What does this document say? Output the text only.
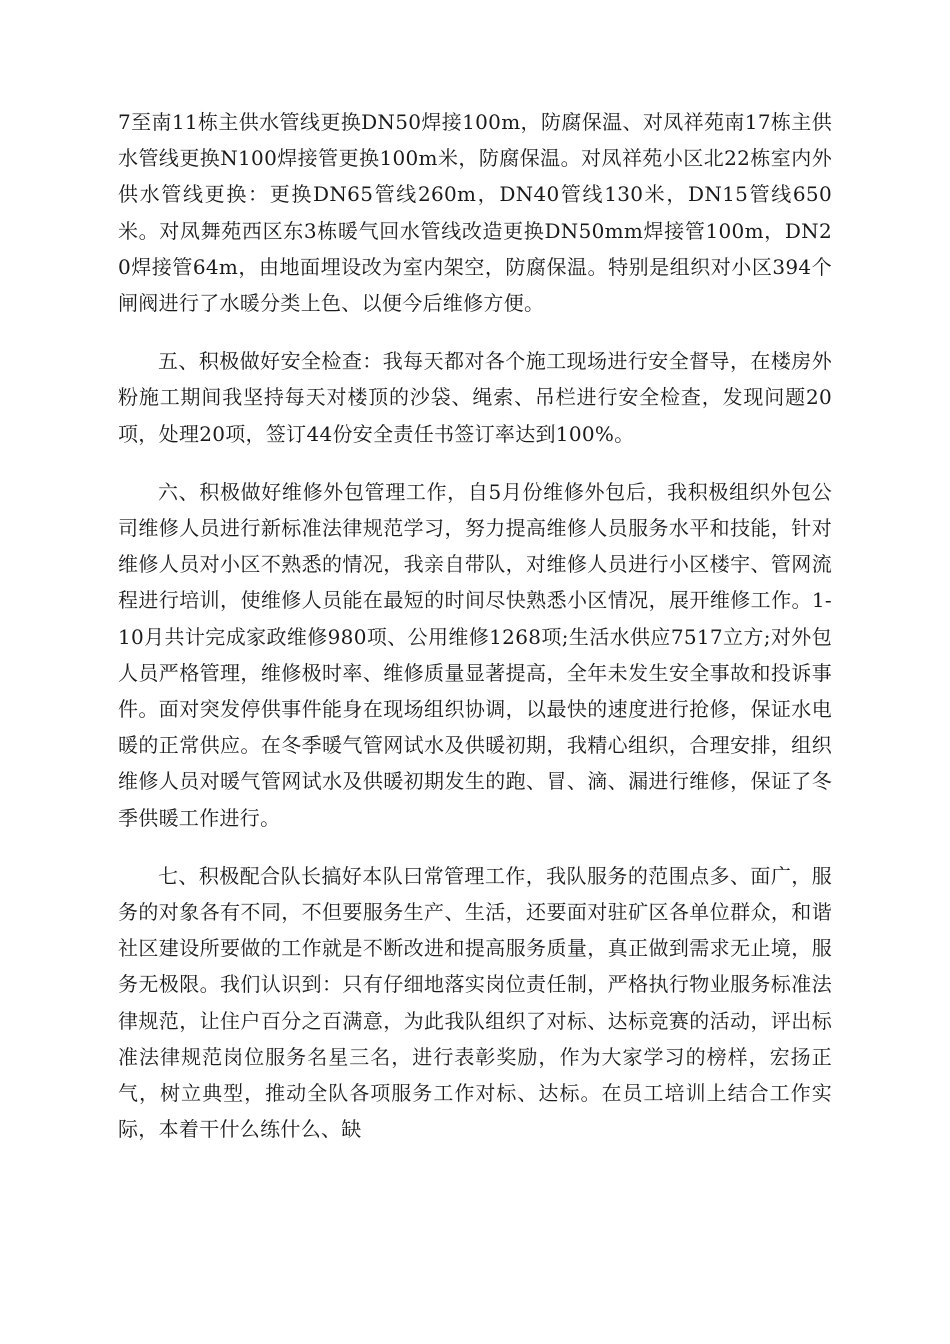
7至南11栋主供水管线更换DN50焊接100m，防腐保温、对凤祥苑南17栋主供水管线更换N100焊接管更换100m米，防腐保温。对凤祥苑小区北22栋室内外供水管线更换：更换DN65管线260m，DN40管线130米，DN15管线650米。对凤舞苑西区东3栋暖气回水管线改造更换DN50mm焊接管100m，DN20焊接管64m，由地面埋设改为室内架空，防腐保温。特别是组织对小区394个闸阀进行了水暖分类上色、以便今后维修方便。

五、积极做好安全检查：我每天都对各个施工现场进行安全督导，在楼房外粉施工期间我坚持每天对楼顶的沙袋、绳索、吊栏进行安全检查，发现问题20项，处理20项，签订44份安全责任书签订率达到100%。

六、积极做好维修外包管理工作，自5月份维修外包后，我积极组织外包公司维修人员进行新标准法律规范学习，努力提高维修人员服务水平和技能，针对维修人员对小区不熟悉的情况，我亲自带队，对维修人员进行小区楼宇、管网流程进行培训，使维修人员能在最短的时间尽快熟悉小区情况，展开维修工作。1-10月共计完成家政维修980项、公用维修1268项;生活水供应7517立方;对外包人员严格管理，维修极时率、维修质量显著提高，全年未发生安全事故和投诉事件。面对突发停供事件能身在现场组织协调，以最快的速度进行抢修，保证水电暖的正常供应。在冬季暖气管网试水及供暖初期，我精心组织，合理安排，组织维修人员对暖气管网试水及供暖初期发生的跑、冒、滴、漏进行维修，保证了冬季供暖工作进行。

七、积极配合队长搞好本队曰常管理工作，我队服务的范围点多、面广，服务的对象各有不同，不但要服务生产、生活，还要面对驻矿区各单位群众，和谐社区建设所要做的工作就是不断改进和提高服务质量，真正做到需求无止境，服务无极限。我们认识到：只有仔细地落实岗位责任制，严格执行物业服务标准法律规范，让住户百分之百满意，为此我队组织了对标、达标竞赛的活动，评出标准法律规范岗位服务名星三名，进行表彰奖励，作为大家学习的榜样，宏扬正气，树立典型，推动全队各项服务工作对标、达标。在员工培训上结合工作实际，本着干什么练什么、缺
